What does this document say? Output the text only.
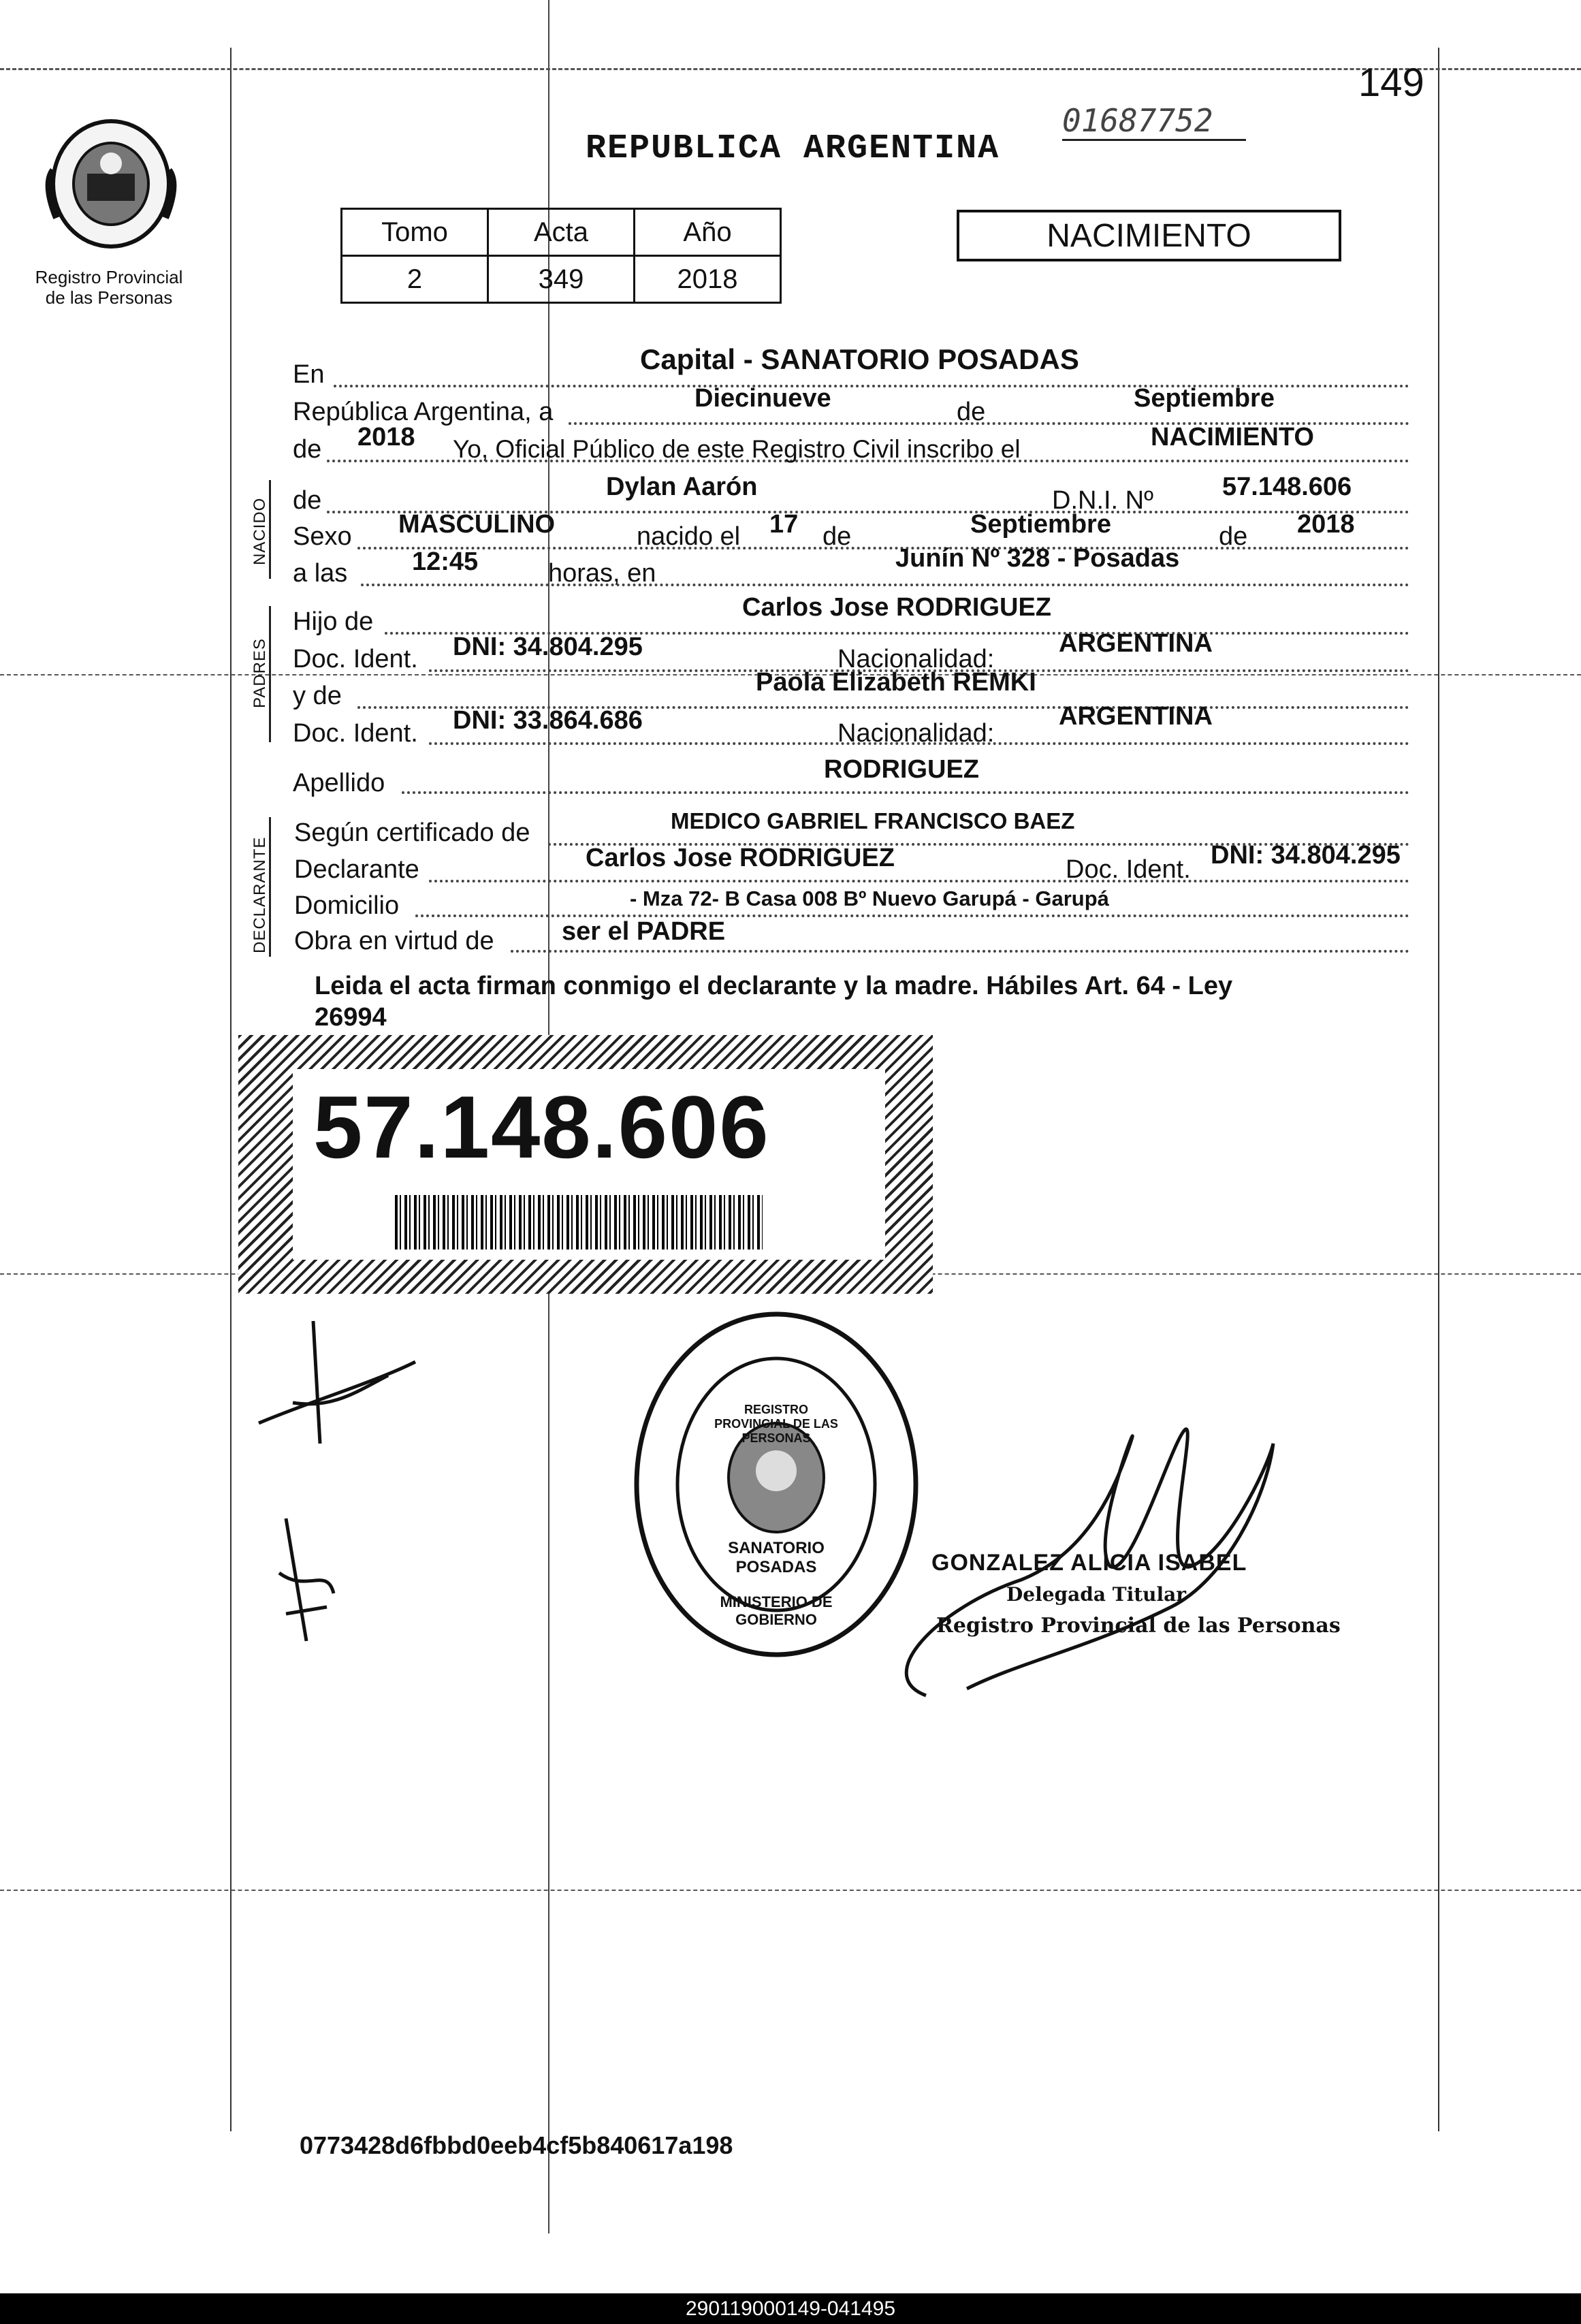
149
Registro Provincial
de las Personas
REPUBLICA ARGENTINA
01687752
Tomo	Acta	Año
2	349	2018
NACIMIENTO
En	Capital - SANATORIO POSADAS
República Argentina, a	Diecinueve	de	Septiembre
de 2018 Yo, Oficial Público de este Registro Civil inscribo el	NACIMIENTO
NACIDO de	Dylan Aarón	D.N.I. Nº	57.148.606
Sexo MASCULINO	nacido el 17 de	Septiembre	de 2018
a las 12:45	horas, en
Junín Nº 328 - Posadas
PADRES
Hijo de	Carlos Jose RODRIGUEZ
Doc. Ident. DNI: 34.804.295	Nacionalidad:
ARGENTINA
y de	Paola Elizabeth REMKI
Doc. Ident. DNI: 33.864.686	Nacionalidad:
ARGENTINA
Apellido	RODRIGUEZ
DECLARANTE
Según certificado de	MEDICO GABRIEL FRANCISCO BAEZ
Declarante	Carlos Jose RODRIGUEZ	Doc. Ident. DNI: 34.804.295
Domicilio	- Mza 72- B Casa 008 Bº Nuevo Garupá - Garupá
Obra en virtud de	ser el PADRE
Leida el acta firman conmigo el declarante y la madre. Hábiles Art. 64 - Ley
26994
57.148.606
REGISTRO PROVINCIAL DE LAS PERSONAS
SANATORIO POSADAS
MINISTERIO DE GOBIERNO
GONZALEZ ALICIA ISABEL
Delegada Titular
Registro Provincial de las Personas
0773428d6fbbd0eeb4cf5b840617a198
290119000149-041495
